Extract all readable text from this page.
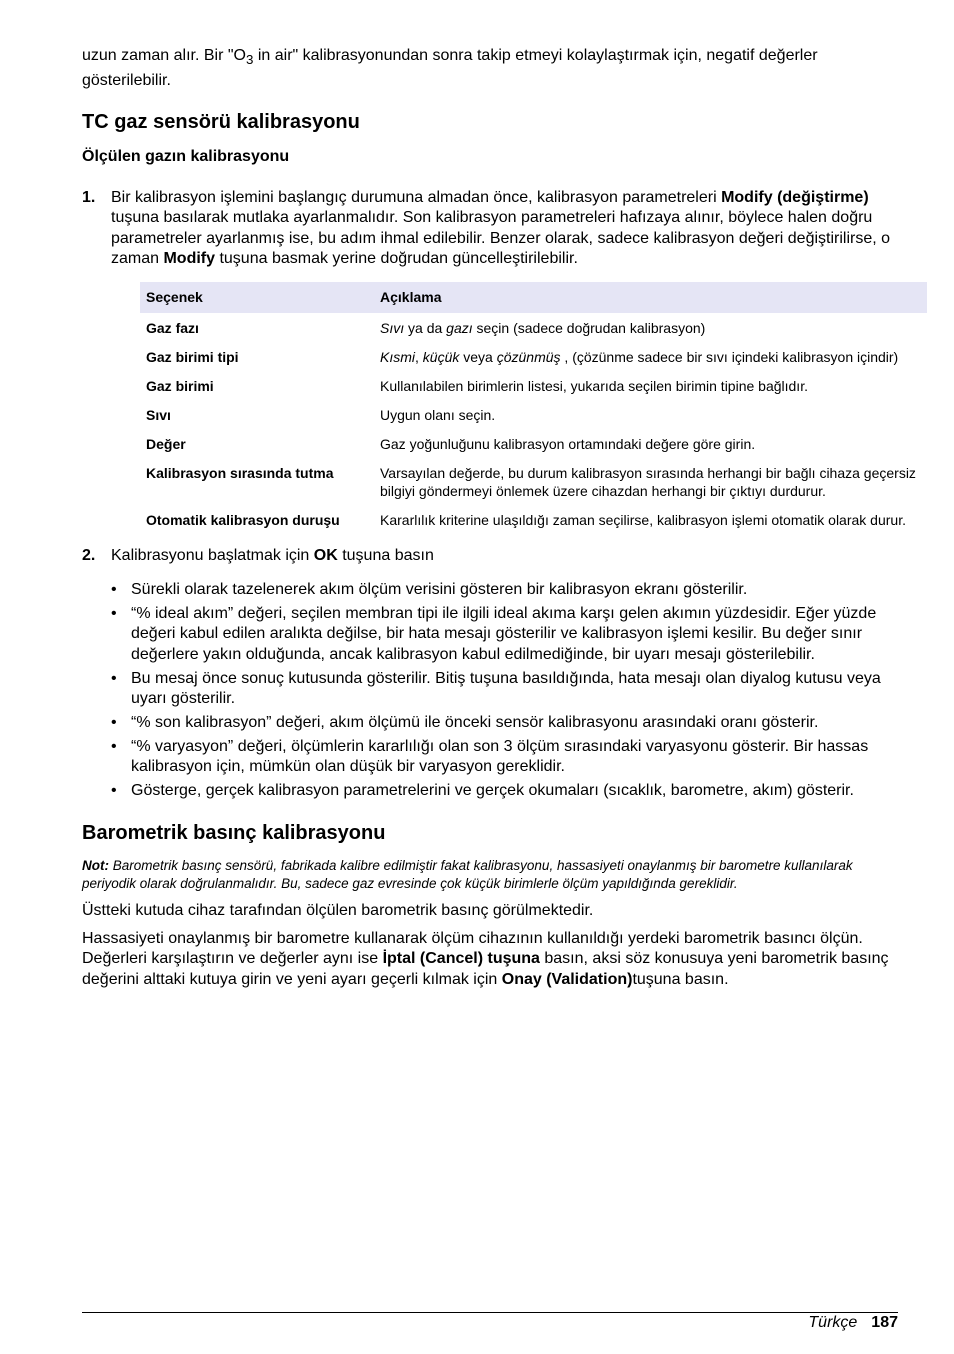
uzun zaman alır. Bir "$O_3$ in air" kalibrasyonundan sonra takip etmeyi kolaylaştırmak için, negatif değerler gösterilebilir.

TC gaz sensörü kalibrasyonu
Ölçülen gazın kalibrasyonu
1. Bir kalibrasyon işlemini başlangıç durumuna almadan önce, kalibrasyon parametreleri Modify (değiştirme) tuşuna basılarak mutlaka ayarlanmalıdır. Son kalibrasyon parametreleri hafızaya alınır, böylece halen doğru parametreler ayarlanmış ise, bu adım ihmal edilebilir. Benzer olarak, sadece kalibrasyon değeri değiştirilirse, o zaman Modify tuşuna basmak yerine doğrudan güncelleştirilebilir.
Seçenek	Açıklama
Gaz fazı	Sıvı ya da gazı seçin (sadece doğrudan kalibrasyon)
Gaz birimi tipi	Kısmi, küçük veya çözünmüş , (çözünme sadece bir sıvı içindeki kalibrasyon içindir)
Gaz birimi	Kullanılabilen birimlerin listesi, yukarıda seçilen birimin tipine bağlıdır.
Sıvı	Uygun olanı seçin.
Değer	Gaz yoğunluğunu kalibrasyon ortamındaki değere göre girin.
Kalibrasyon sırasında tutma	Varsayılan değerde, bu durum kalibrasyon sırasında herhangi bir bağlı cihaza geçersiz bilgiyi göndermeyi önlemek üzere cihazdan herhangi bir çıktıyı durdurur.
Otomatik kalibrasyon duruşu	Kararlılık kriterine ulaşıldığı zaman seçilirse, kalibrasyon işlemi otomatik olarak durur.
2. Kalibrasyonu başlatmak için OK tuşuna basın
• Sürekli olarak tazelenerek akım ölçüm verisini gösteren bir kalibrasyon ekranı gösterilir.
• “% ideal akım” değeri, seçilen membran tipi ile ilgili ideal akıma karşı gelen akımın yüzdesidir. Eğer yüzde değeri kabul edilen aralıkta değilse, bir hata mesajı gösterilir ve kalibrasyon işlemi kesilir. Bu değer sınır değerlere yakın olduğunda, ancak kalibrasyon kabul edilmediğinde, bir uyarı mesajı gösterilebilir.
• Bu mesaj önce sonuç kutusunda gösterilir. Bitiş tuşuna basıldığında, hata mesajı olan diyalog kutusu veya uyarı gösterilir.
• “% son kalibrasyon” değeri, akım ölçümü ile önceki sensör kalibrasyonu arasındaki oranı gösterir.
• “% varyasyon” değeri, ölçümlerin kararlılığı olan son 3 ölçüm sırasındaki varyasyonu gösterir. Bir hassas kalibrasyon için, mümkün olan düşük bir varyasyon gereklidir.
• Gösterge, gerçek kalibrasyon parametrelerini ve gerçek okumaları (sıcaklık, barometre, akım) gösterir.
Barometrik basınç kalibrasyonu

Not: Barometrik basınç sensörü, fabrikada kalibre edilmiştir fakat kalibrasyonu, hassasiyeti onaylanmış bir barometre kullanılarak periyodik olarak doğrulanmalıdır. Bu, sadece gaz evresinde çok küçük birimlerle ölçüm yapıldığında gereklidir.

Üstteki kutuda cihaz tarafından ölçülen barometrik basınç görülmektedir.

Hassasiyeti onaylanmış bir barometre kullanarak ölçüm cihazının kullanıldığı yerdeki barometrik basıncı ölçün. Değerleri karşılaştırın ve değerler aynı ise İptal (Cancel) tuşuna basın, aksi söz konusuya yeni barometrik basınç değerini alttaki kutuya girin ve yeni ayarı geçerli kılmak için Onay (Validation)tuşuna basın.

Türkçe 187
